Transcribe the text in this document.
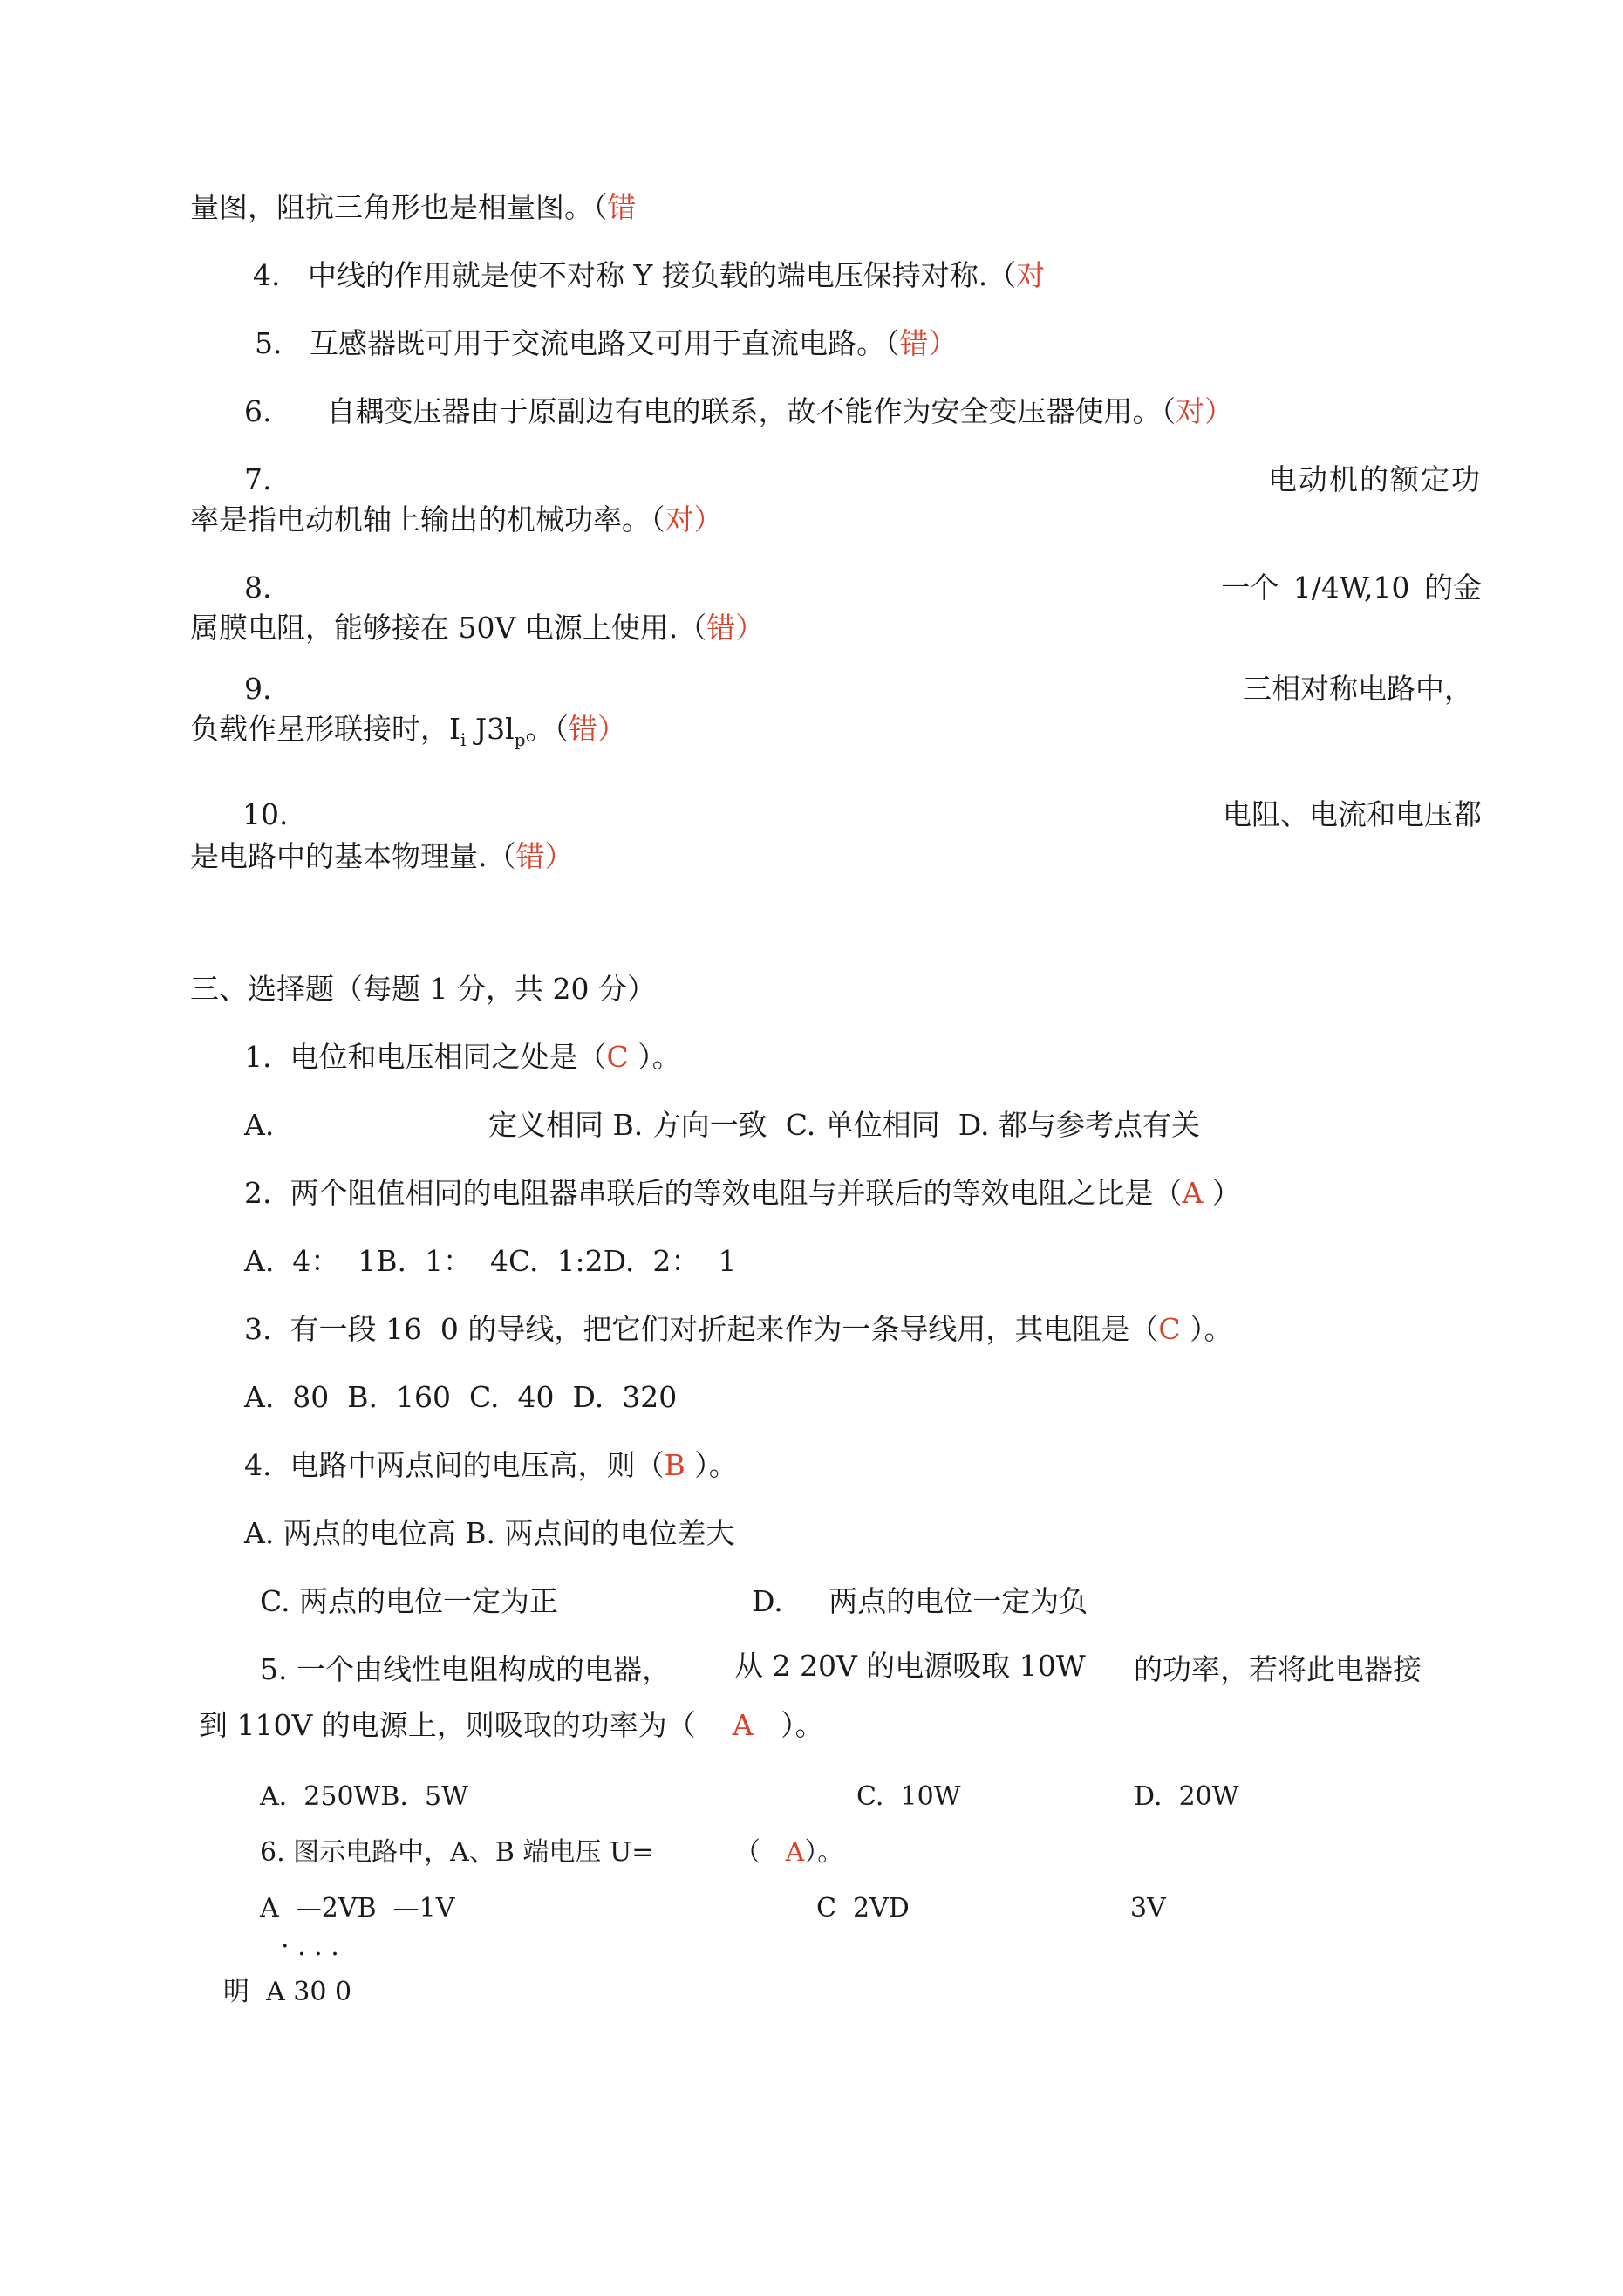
量图，阻抗三角形也是相量图。（错
4. 中线的作用就是使不对称 Y 接负载的端电压保持对称.（对
5. 互感器既可用于交流电路又可用于直流电路。（错）
6. 自耦变压器由于原副边有电的联系，故不能作为安全变压器使用。（对）
7.	电动机的额定功
率是指电动机轴上输出的机械功率。（对）
8.	一个 1/4W,10 的金
属膜电阻，能够接在 50V 电源上使用.（错）
9.	三相对称电路中，
负载作星形联接时，$I_i$ $J3l_p$。（错）
10.	电阻、电流和电压都
是电路中的基本物理量.（错）
三、选择题（每题 1 分，共 20 分）
1.  电位和电压相同之处是（C ）。
A.	定义相同 B. 方向一致  C. 单位相同  D. 都与参考点有关
2.  两个阻值相同的电阻器串联后的等效电阻与并联后的等效电阻之比是（A ）
A.  4：  1B.  1：  4C.  1:2D.  2：  1
3.  有一段 16  0 的导线，把它们对折起来作为一条导线用，其电阻是（C ）。
A.  80  B.  160  C.  40  D.  320
4.  电路中两点间的电压高，则（B ）。
A. 两点的电位高 B. 两点间的电位差大
C. 两点的电位一定为正	D. 两点的电位一定为负
5. 一个由线性电阻构成的电器， 从 2 20V 的电源吸取 10W 的功率，若将此电器接
到 110V 的电源上，则吸取的功率为（ A ）。
A.  250WB.  5W	C.  10W	D.  20W
6. 图示电路中，A、B 端电压 U=	（ A）。
A  —2VB  —1V	C  2VD	3V
· . . .
明  A 30 0
